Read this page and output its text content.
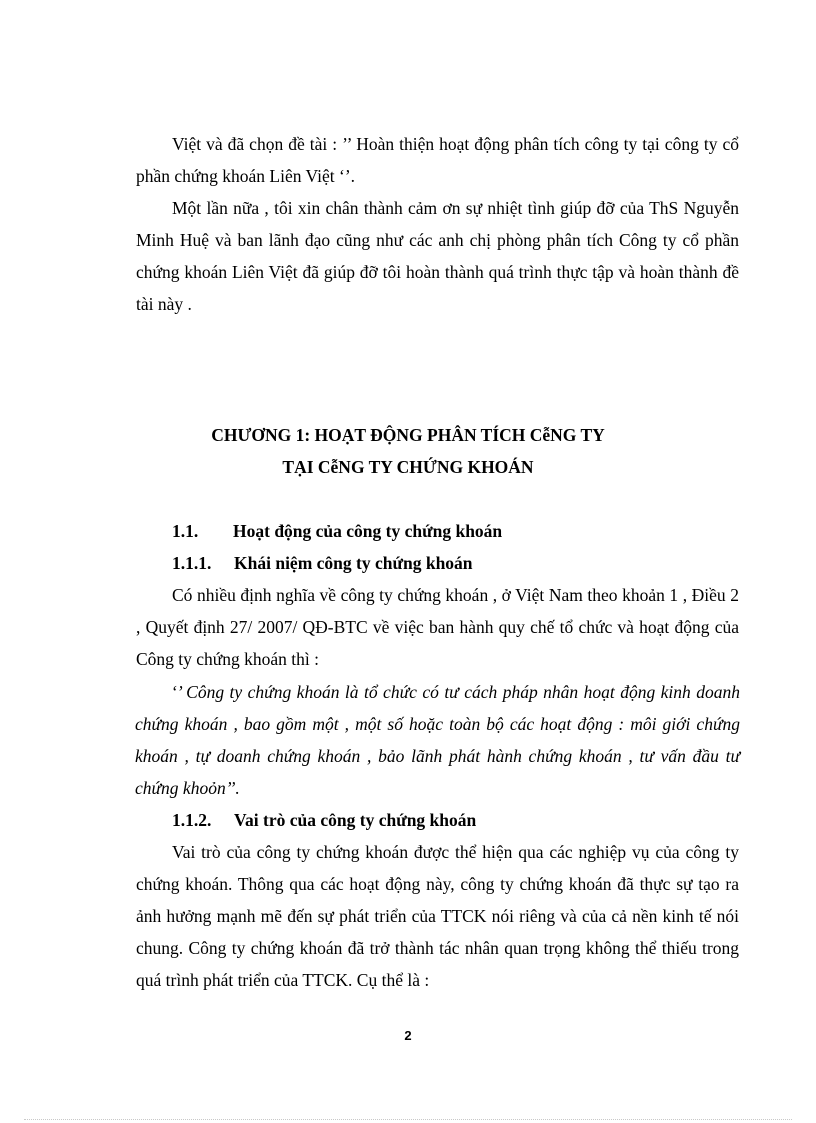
Việt và đã chọn đề tài : ’’ Hoàn thiện hoạt động phân tích công ty tại công ty cổ phần chứng khoán Liên Việt ‘’.

Một lần nữa , tôi xin chân thành cảm ơn sự nhiệt tình giúp đỡ của ThS Nguyễn Minh Huệ và ban lãnh đạo cũng như các anh chị phòng phân tích Công ty cổ phần chứng khoán Liên Việt đã giúp đỡ tôi hoàn thành quá trình thực tập và hoàn thành đề tài này .

CHƯƠNG 1: HOẠT ĐỘNG PHÂN TÍCH CễNG TY

TẠI CễNG TY CHỨNG KHOÁN

1.1. Hoạt động của công ty chứng khoán
1.1.1. Khái niệm công ty chứng khoán

Có nhiều định nghĩa về công ty chứng khoán , ở Việt Nam theo khoản 1 , Điều 2 , Quyết định 27/ 2007/ QĐ-BTC về việc ban hành quy chế tổ chức và hoạt động của Công ty chứng khoán thì :

‘’ Công ty chứng khoán là tổ chức có tư cách pháp nhân hoạt động kinh doanh chứng khoán , bao gồm một , một số hoặc toàn bộ các hoạt động : môi giới chứng khoán , tự doanh chứng khoán , bảo lãnh phát hành chứng khoán , tư vấn đầu tư chứng khoỏn’’.

1.1.2. Vai trò của công ty chứng khoán

Vai trò của công ty chứng khoán được thể hiện qua các nghiệp vụ của công ty chứng khoán. Thông qua các hoạt động này, công ty chứng khoán đã thực sự tạo ra ảnh hưởng mạnh mẽ đến sự phát triển của TTCK nói riêng và của cả nền kinh tế nói chung. Công ty chứng khoán đã trở thành tác nhân quan trọng không thể thiếu trong quá trình phát triển của TTCK. Cụ thể là :

2
